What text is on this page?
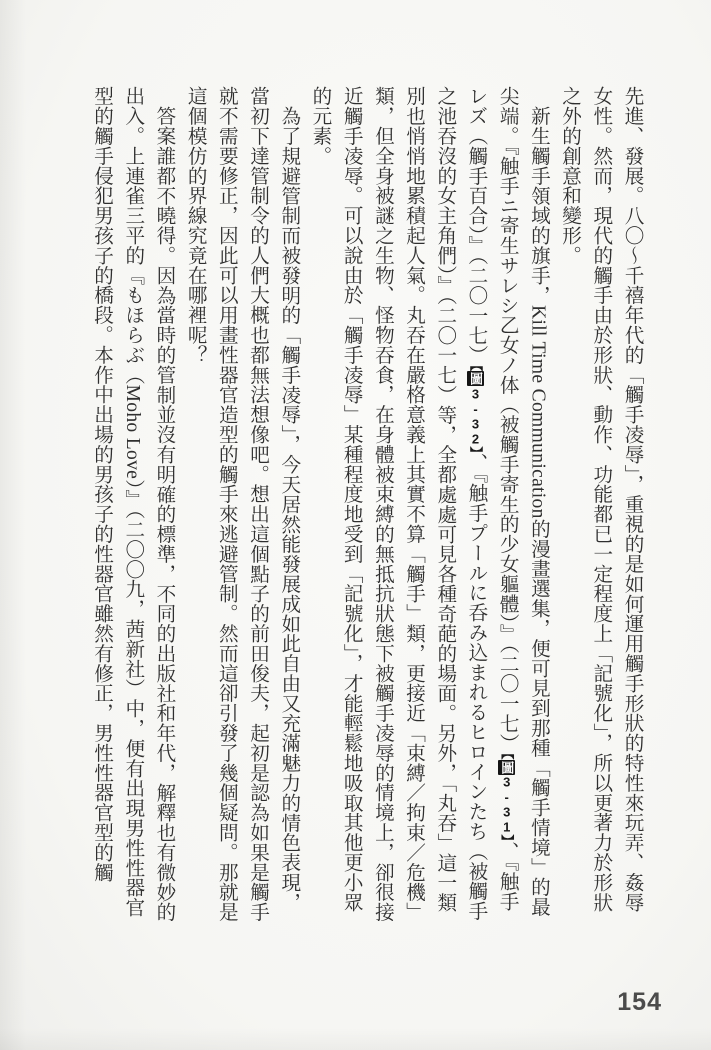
先進、發展。八〇～千禧年代的「觸手凌辱」，重視的是如何運用觸手形狀的特性來玩弄、姦辱女性。然而，現代的觸手由於形狀、動作、功能都已一定程度上「記號化」，所以更著力於形狀之外的創意和變形。

新生觸手領域的旗手，Kill Time Communication的漫畫選集，便可見到那種「觸手情境」的最尖端。『触手ニ寄生サレシ乙女ノ体（被觸手寄生的少女軀體）』（二〇一七）【圖3-31】、『触手レズ（觸手百合）』（二〇一七）【圖3-32】、『触手プールに呑み込まれるヒロインたち（被觸手之池吞沒的女主角們）』（二〇一七）等，全都處處可見各種奇葩的場面。另外，「丸吞」這一類別也悄悄地累積起人氣。丸吞在嚴格意義上其實不算「觸手」類，更接近「束縛／拘束／危機」類，但全身被謎之生物、怪物吞食，在身體被束縛的無抵抗狀態下被觸手凌辱的情境上，卻很接近觸手凌辱。可以說由於「觸手凌辱」某種程度地受到「記號化」，才能輕鬆地吸取其他更小眾的元素。

為了規避管制而被發明的「觸手凌辱」，今天居然能發展成如此自由又充滿魅力的情色表現，當初下達管制令的人們大概也都無法想像吧。想出這個點子的前田俊夫，起初是認為如果是觸手就不需要修正，因此可以用畫性器官造型的觸手來逃避管制。然而這卻引發了幾個疑問。那就是這個模仿的界線究竟在哪裡呢？

答案誰都不曉得。因為當時的管制並沒有明確的標準，不同的出版社和年代，解釋也有微妙的出入。上連雀三平的『もほらぶ（Moho Love）』（二〇〇九，茜新社）中，便有出現男性性器官型的觸手侵犯男孩子的橋段。本作中出場的男孩子的性器官雖然有修正，男性性器官型的觸

154
